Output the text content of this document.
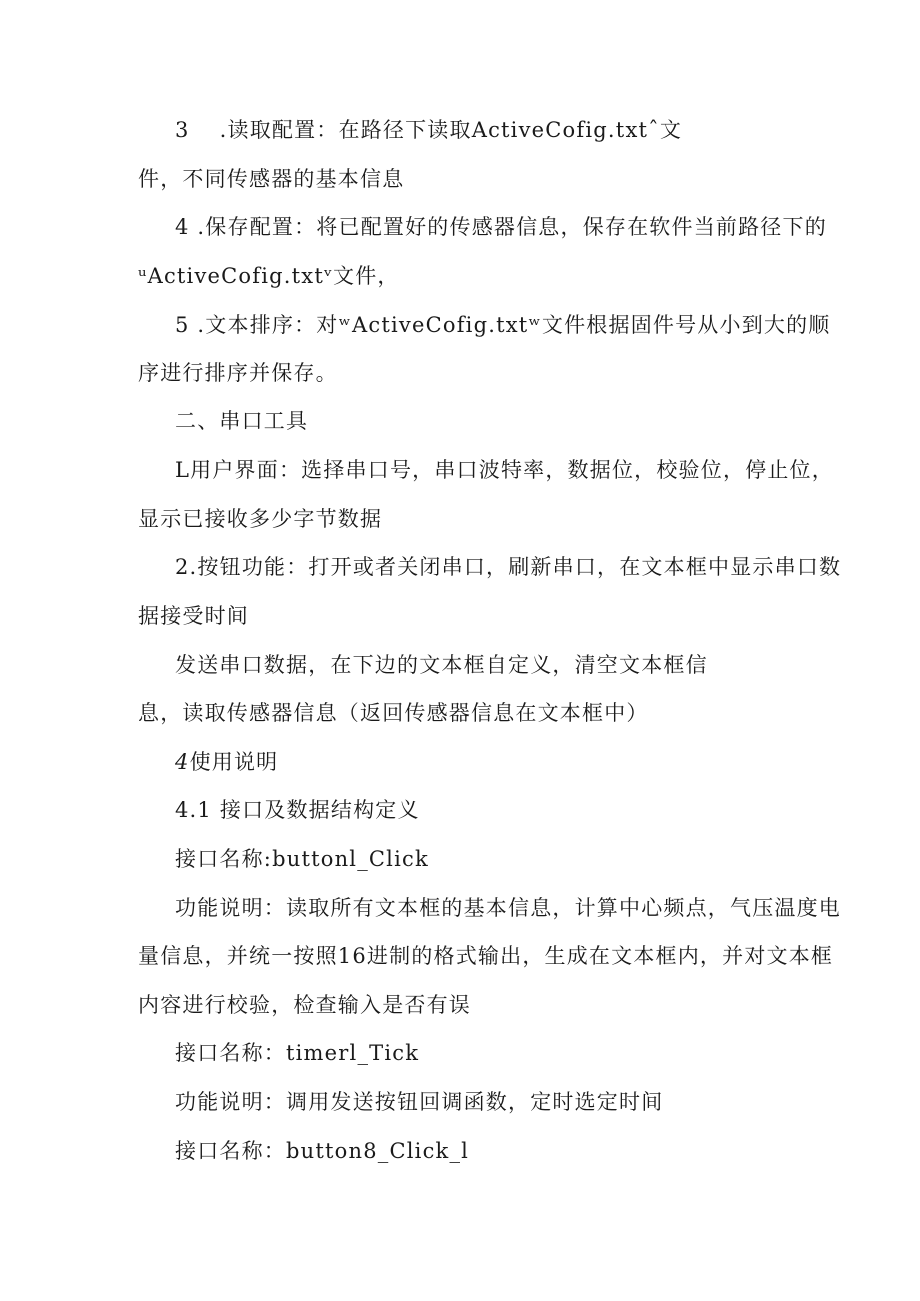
3　 .读取配置：在路径下读取ActiveCofig.txtˆ文
件，不同传感器的基本信息
4 .保存配置：将已配置好的传感器信息，保存在软件当前路径下的
ᵘActiveCofig.txtᵛ文件，
5 .文本排序：对ʷActiveCofig.txtʷ文件根据固件号从小到大的顺
序进行排序并保存。
二、串口工具
L用户界面：选择串口号，串口波特率，数据位，校验位，停止位，
显示已接收多少字节数据
2.按钮功能：打开或者关闭串口，刷新串口，在文本框中显示串口数
据接受时间
发送串口数据，在下边的文本框自定义，清空文本框信
息，读取传感器信息（返回传感器信息在文本框中）
4使用说明
4.1 接口及数据结构定义
接口名称:buttonl_Click
功能说明：读取所有文本框的基本信息，计算中心频点，气压温度电
量信息，并统一按照16进制的格式输出，生成在文本框内，并对文本框
内容进行校验，检查输入是否有误
接口名称：timerl_Tick
功能说明：调用发送按钮回调函数，定时选定时间
接口名称：button8_Click_l
